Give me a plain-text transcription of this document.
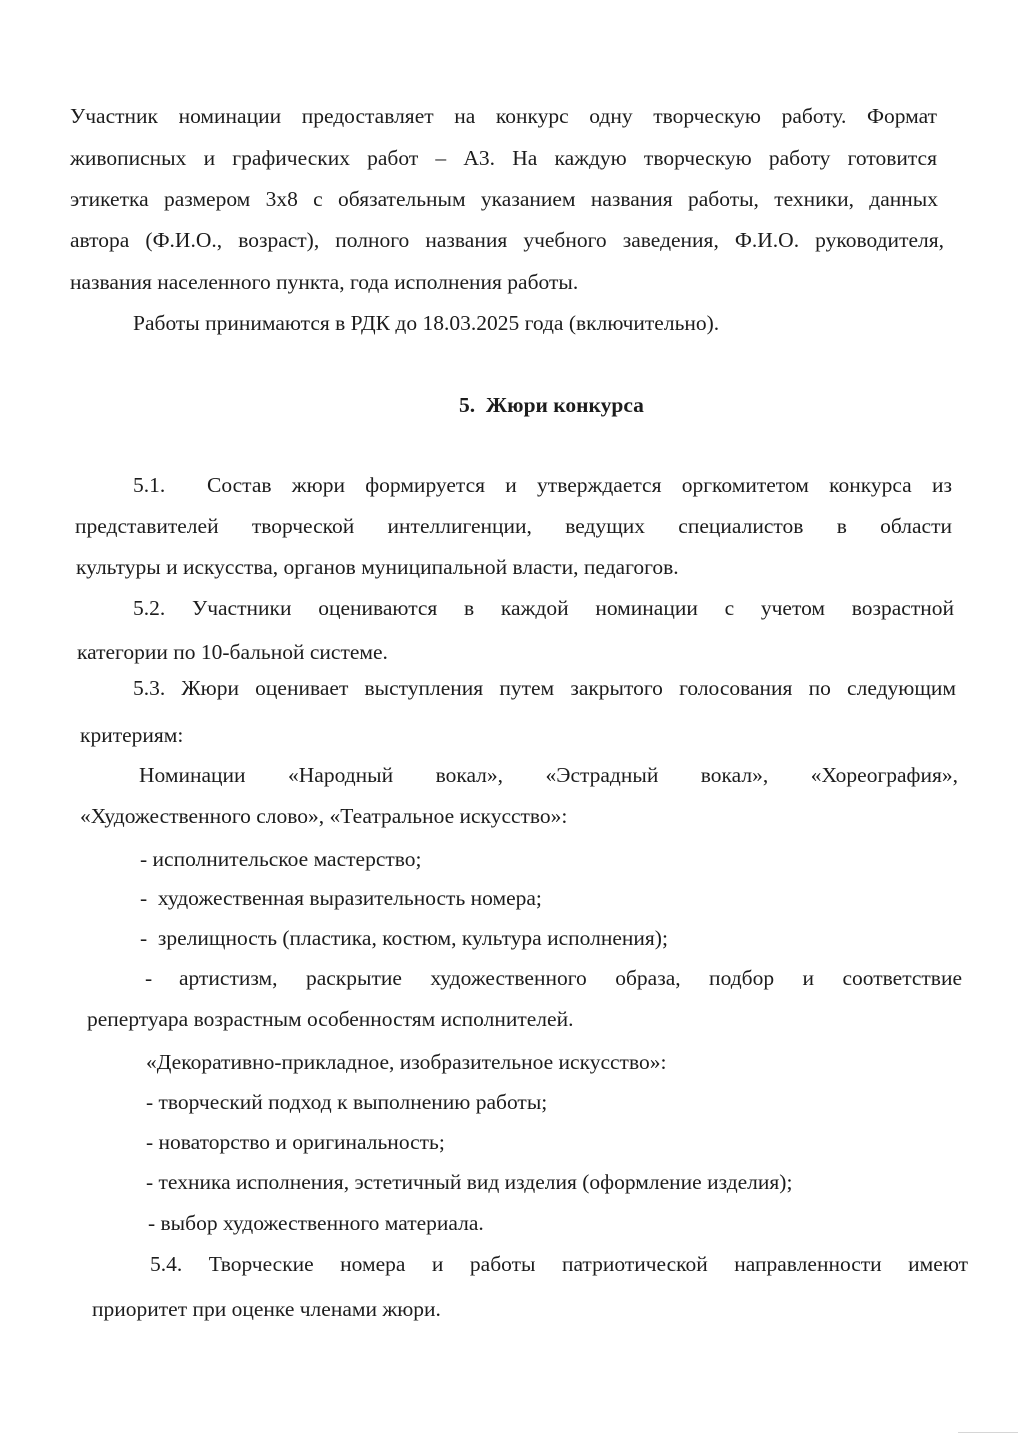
Участник номинации предоставляет на конкурс одну творческую работу. Формат
живописных и графических работ – А3. На каждую творческую работу готовится
этикетка размером 3х8 с обязательным указанием названия работы, техники, данных
автора (Ф.И.О., возраст), полного названия учебного заведения, Ф.И.О. руководителя,
названия населенного пункта, года исполнения работы.
Работы принимаются в РДК до 18.03.2025 года (включительно).
5.  Жюри конкурса
5.1. Состав жюри формируется и утверждается оргкомитетом конкурса из
представителей творческой интеллигенции, ведущих специалистов в области
культуры и искусства, органов муниципальной власти, педагогов.
5.2. Участники оцениваются в каждой номинации с учетом возрастной
категории по 10-бальной системе.
5.3. Жюри оценивает выступления путем закрытого голосования по следующим
критериям:
Номинации «Народный вокал», «Эстрадный вокал», «Хореография»,
«Художественного слово», «Театральное искусство»:
- исполнительское мастерство;
-  художественная выразительность номера;
-  зрелищность (пластика, костюм, культура исполнения);
- артистизм, раскрытие художественного образа, подбор и соответствие
репертуара возрастным особенностям исполнителей.
«Декоративно-прикладное, изобразительное искусство»:
- творческий подход к выполнению работы;
- новаторство и оригинальность;
- техника исполнения, эстетичный вид изделия (оформление изделия);
- выбор художественного материала.
5.4. Творческие номера и работы патриотической направленности имеют
приоритет при оценке членами жюри.
